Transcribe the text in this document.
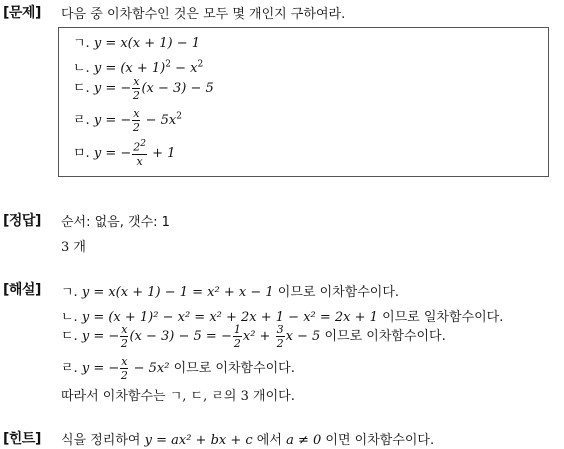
[문제] 다음 중 이차함수인 것은 모두 몇 개인지 구하여라.
ㄱ. y = x(x + 1) − 1
ㄴ. $y = (x + 1)^2 - x^2$
ㄷ. y = − $\frac{x}{2} (x - 3) - 5$
ㄹ. y = − $\frac{x}{2} - 5x^2$
ㅁ. y = − $\frac{2^2}{x} + 1$
[정답] 순서: 없음, 갯수: 1
3 개
[해설] ㄱ. y = x(x + 1) − 1 = x² + x − 1 이므로 이차함수이다.
ㄴ. y = (x + 1)² − x² = x² + 2x + 1 − x² = 2x + 1 이므로 일차함수이다.
ㄷ. y = − $\frac{x}{2} (x - 3) - 5$ = − $\frac{1}{2} x^2 + \frac{3}{2}$ x − 5 이므로 이차함수이다.
ㄹ. y = − $\frac{x}{2} - 5x^2$ 이므로 이차함수이다.
따라서 이차함수는 ㄱ, ㄷ, ㄹ의 3 개이다.
[힌트] 식을 정리하여 y = ax² + bx + c 에서 a ≠ 0 이면 이차함수이다.
